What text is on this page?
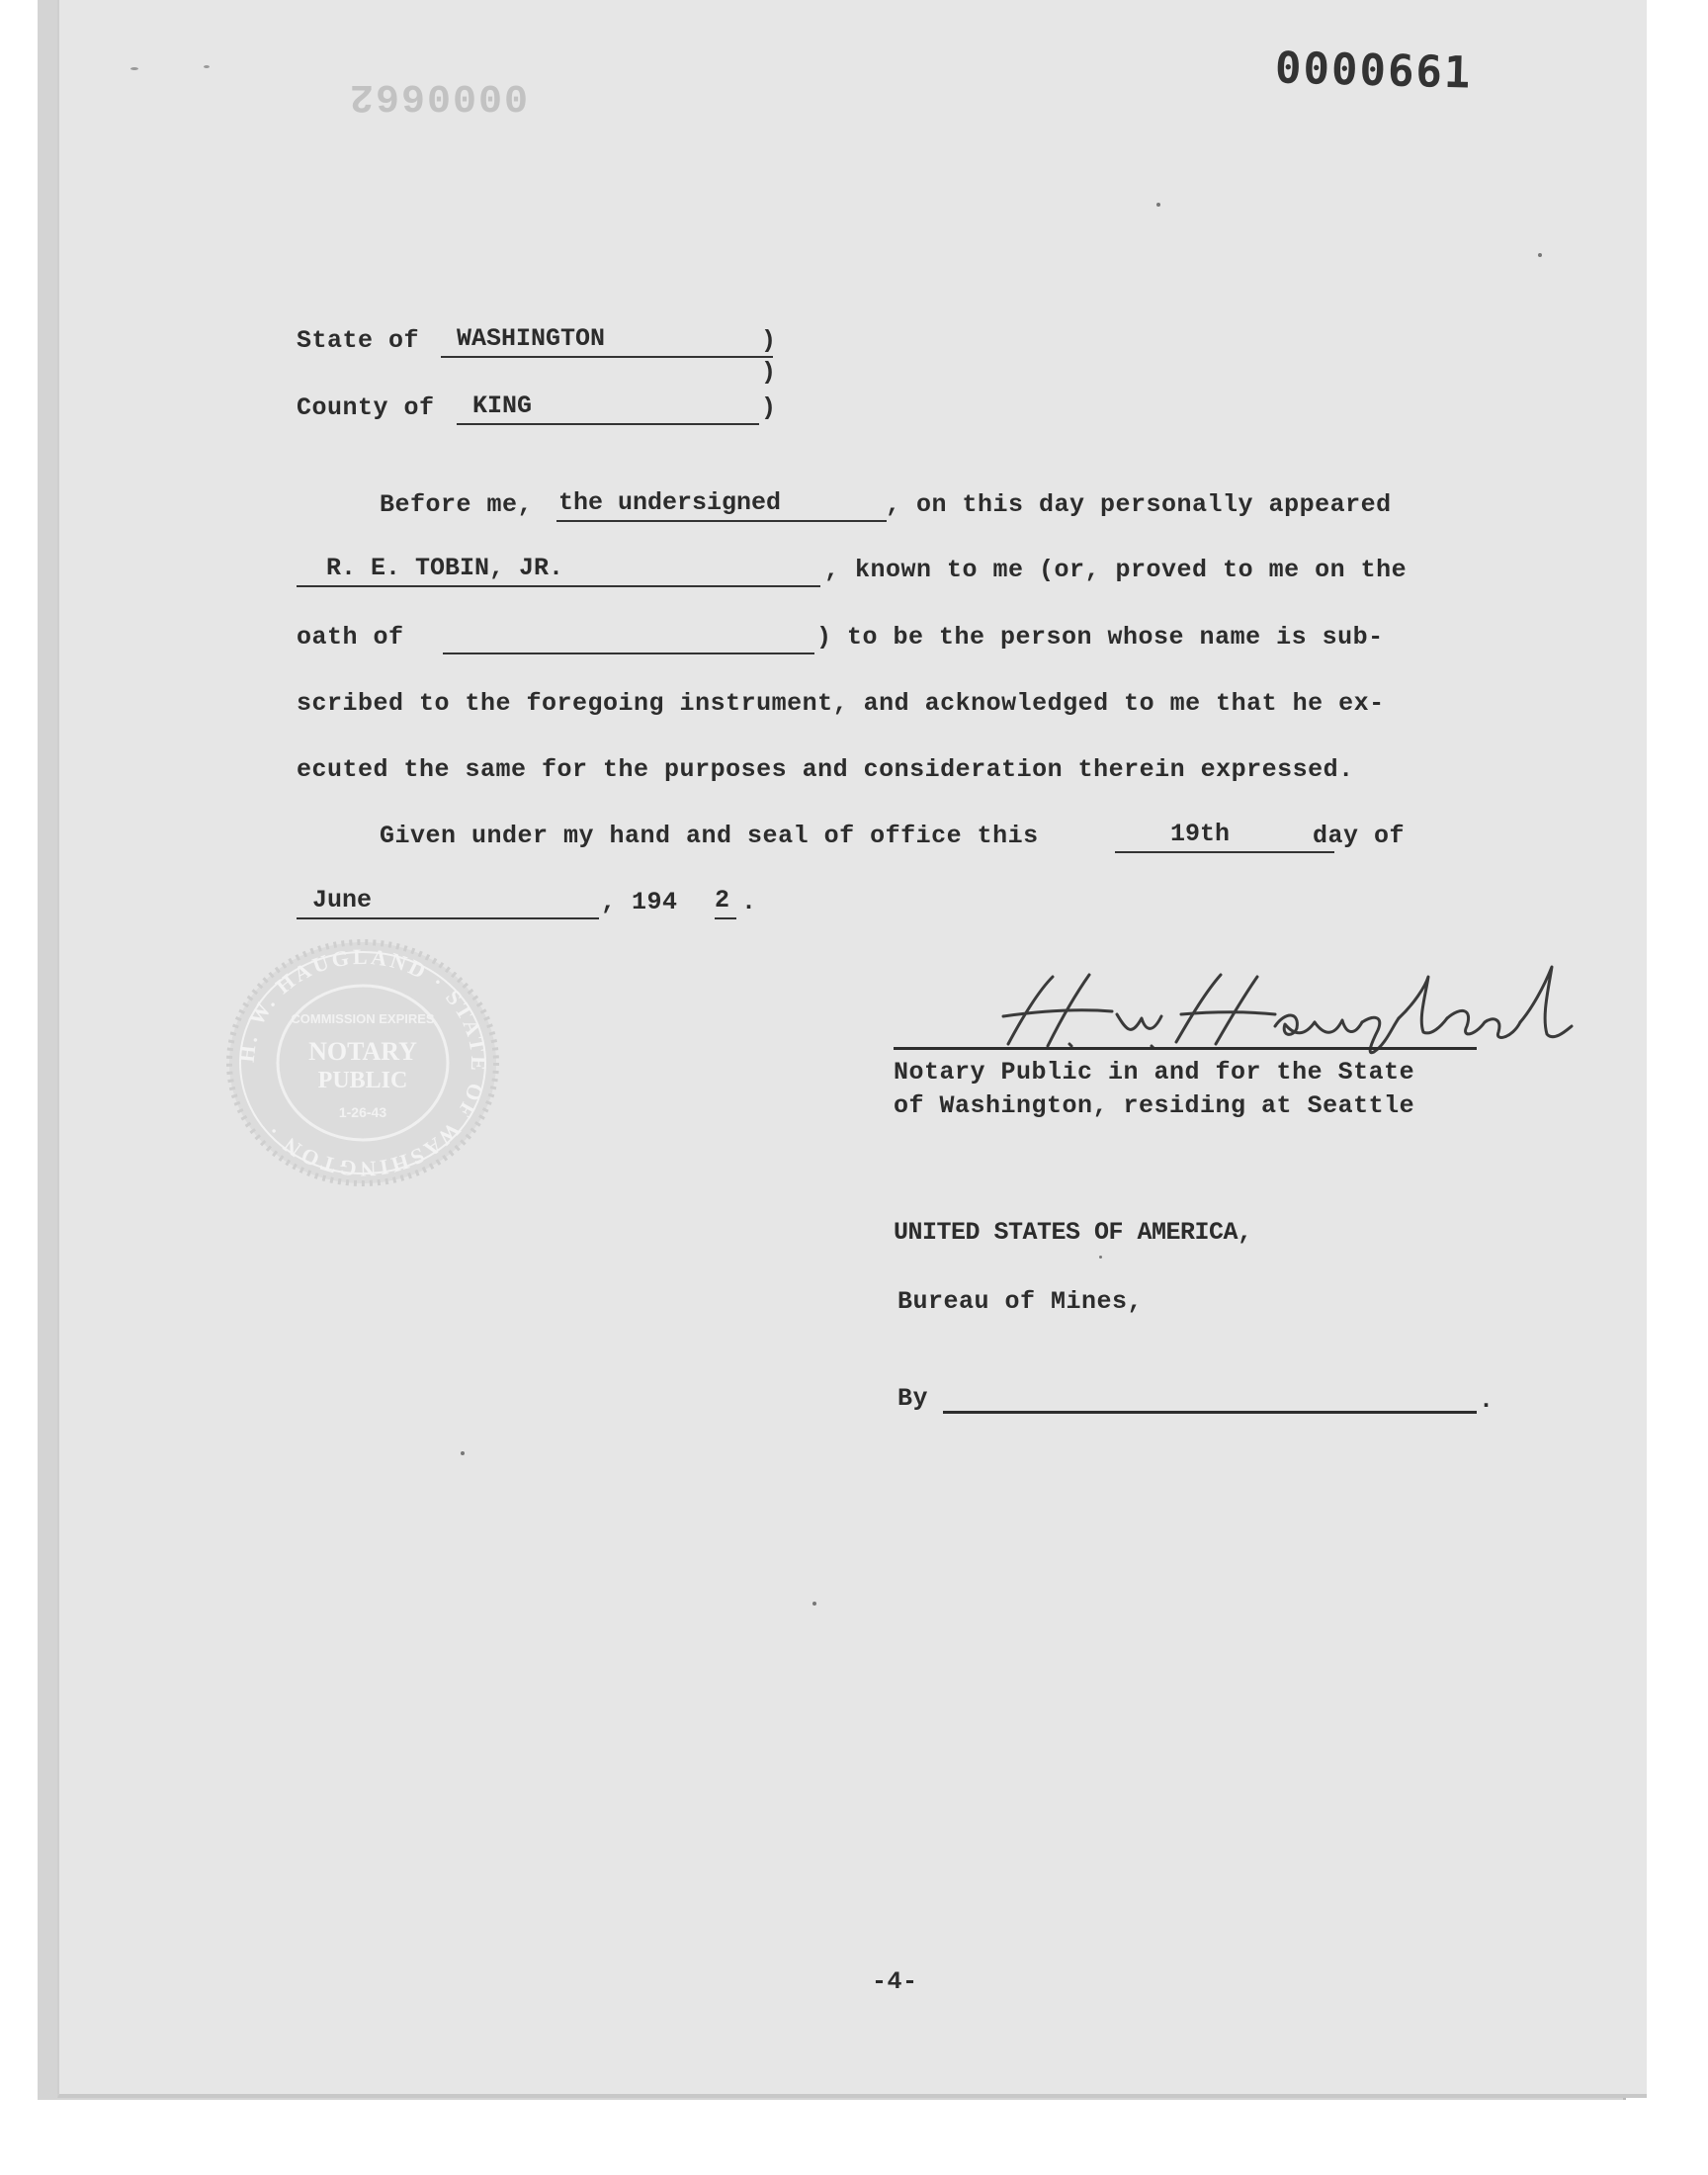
0000661
0000662
State of	WASHINGTON	)
)
County of	KING	)
Before me, the undersigned	, on this day personally appeared
R. E. TOBIN, JR.	, known to me (or, proved to me on the
oath of	) to be the person whose name is sub-
scribed to the foregoing instrument, and acknowledged to me that he ex-
ecuted the same for the purposes and consideration therein expressed.
Given under my hand and seal of office this	19th	day of
June	, 194 2 .
H. W. HAUGLAND · STATE OF WASHINGTON ·
COMMISSION EXPIRES
NOTARY
PUBLIC
1-26-43
Notary Public in and for the State
of Washington, residing at Seattle
UNITED STATES OF AMERICA,
Bureau of Mines,
By	.
-4-
